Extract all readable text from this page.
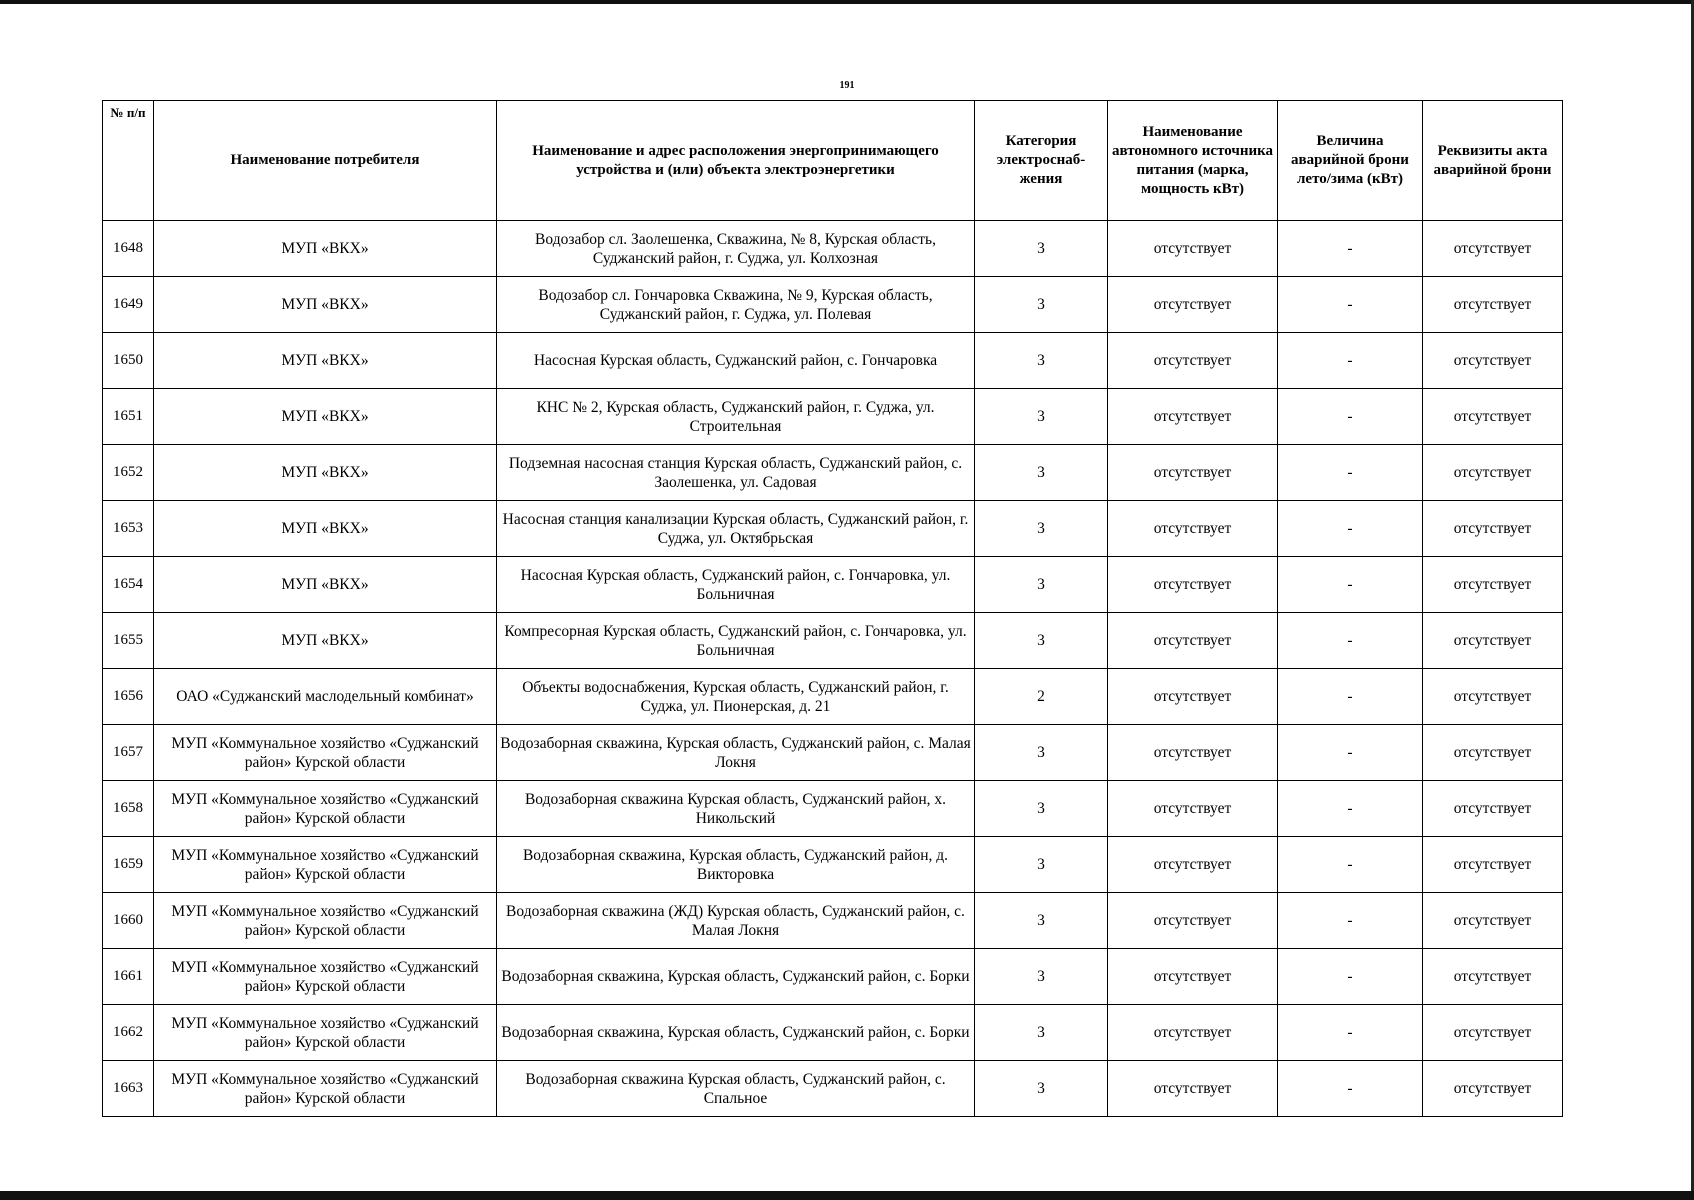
191
№ п/п	Наименование потребителя	Наименование и адрес расположения энергопринимающего устройства и (или) объекта электроэнергетики	Категория электроснаб-жения	Наименование автономного источника питания (марка, мощность кВт)	Величина аварийной брони лето/зима (кВт)	Реквизиты акта аварийной брони
1648	МУП «ВКХ»	Водозабор сл. Заолешенка, Скважина, № 8, Курская область, Суджанский район, г. Суджа, ул. Колхозная	3	отсутствует	-	отсутствует
1649	МУП «ВКХ»	Водозабор сл. Гончаровка Скважина, № 9, Курская область, Суджанский район, г. Суджа, ул. Полевая	3	отсутствует	-	отсутствует
1650	МУП «ВКХ»	Насосная Курская область, Суджанский район, с. Гончаровка	3	отсутствует	-	отсутствует
1651	МУП «ВКХ»	КНС № 2, Курская область, Суджанский район, г. Суджа, ул. Строительная	3	отсутствует	-	отсутствует
1652	МУП «ВКХ»	Подземная насосная станция Курская область, Суджанский район, с. Заолешенка, ул. Садовая	3	отсутствует	-	отсутствует
1653	МУП «ВКХ»	Насосная станция канализации Курская область, Суджанский район, г. Суджа, ул. Октябрьская	3	отсутствует	-	отсутствует
1654	МУП «ВКХ»	Насосная Курская область, Суджанский район, с. Гончаровка, ул. Больничная	3	отсутствует	-	отсутствует
1655	МУП «ВКХ»	Компресорная Курская область, Суджанский район, с. Гончаровка, ул. Больничная	3	отсутствует	-	отсутствует
1656	ОАО «Суджанский маслодельный комбинат»	Объекты водоснабжения, Курская область, Суджанский район, г. Суджа, ул. Пионерская, д. 21	2	отсутствует	-	отсутствует
1657	МУП «Коммунальное хозяйство «Суджанский район» Курской области	Водозаборная скважина, Курская область, Суджанский район, с. Малая Локня	3	отсутствует	-	отсутствует
1658	МУП «Коммунальное хозяйство «Суджанский район» Курской области	Водозаборная скважина Курская область, Суджанский район, х. Никольский	3	отсутствует	-	отсутствует
1659	МУП «Коммунальное хозяйство «Суджанский район» Курской области	Водозаборная скважина, Курская область, Суджанский район, д. Викторовка	3	отсутствует	-	отсутствует
1660	МУП «Коммунальное хозяйство «Суджанский район» Курской области	Водозаборная скважина (ЖД) Курская область, Суджанский район, с. Малая Локня	3	отсутствует	-	отсутствует
1661	МУП «Коммунальное хозяйство «Суджанский район» Курской области	Водозаборная скважина, Курская область, Суджанский район, с. Борки	3	отсутствует	-	отсутствует
1662	МУП «Коммунальное хозяйство «Суджанский район» Курской области	Водозаборная скважина, Курская область, Суджанский район, с. Борки	3	отсутствует	-	отсутствует
1663	МУП «Коммунальное хозяйство «Суджанский район» Курской области	Водозаборная скважина Курская область, Суджанский район, с. Спальное	3	отсутствует	-	отсутствует
